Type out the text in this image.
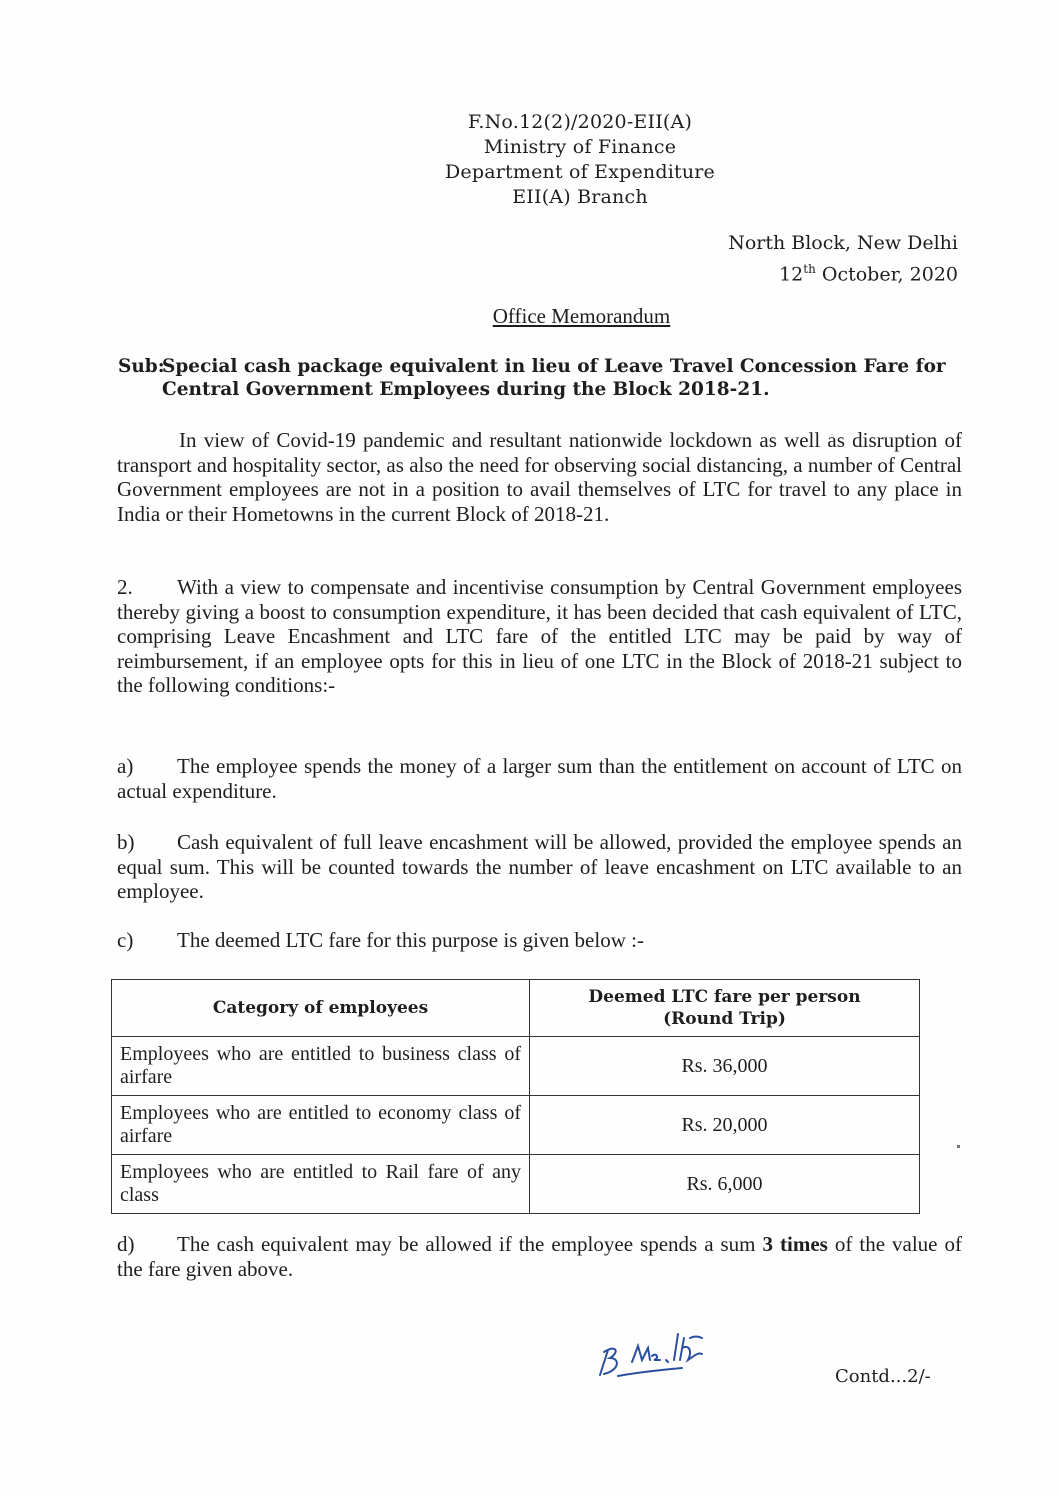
F.No.12(2)/2020-EII(A)
Ministry of Finance
Department of Expenditure
EII(A) Branch
North Block, New Delhi
12th October, 2020
Office Memorandum
Sub:
Special cash package equivalent in lieu of Leave Travel Concession Fare for Central Government Employees during the Block 2018-21.
In view of Covid-19 pandemic and resultant nationwide lockdown as well as disruption of transport and hospitality sector, as also the need for observing social distancing, a number of Central Government employees are not in a position to avail themselves of LTC for travel to any place in India or their Hometowns in the current Block of 2018-21.
2. With a view to compensate and incentivise consumption by Central Government employees thereby giving a boost to consumption expenditure, it has been decided that cash equivalent of LTC, comprising Leave Encashment and LTC fare of the entitled LTC may be paid by way of reimbursement, if an employee opts for this in lieu of one LTC in the Block of 2018-21 subject to the following conditions:-
a) The employee spends the money of a larger sum than the entitlement on account of LTC on actual expenditure.
b) Cash equivalent of full leave encashment will be allowed, provided the employee spends an equal sum. This will be counted towards the number of leave encashment on LTC available to an employee.
c) The deemed LTC fare for this purpose is given below :-
Category of employees	Deemed LTC fare per person
(Round Trip)

Employees who are entitled to business class of airfare	Rs. 36,000
Employees who are entitled to economy class of airfare	Rs. 20,000
Employees who are entitled to Rail fare of any class	Rs. 6,000
d) The cash equivalent may be allowed if the employee spends a sum 3 times of the value of the fare given above.
Contd...2/-
